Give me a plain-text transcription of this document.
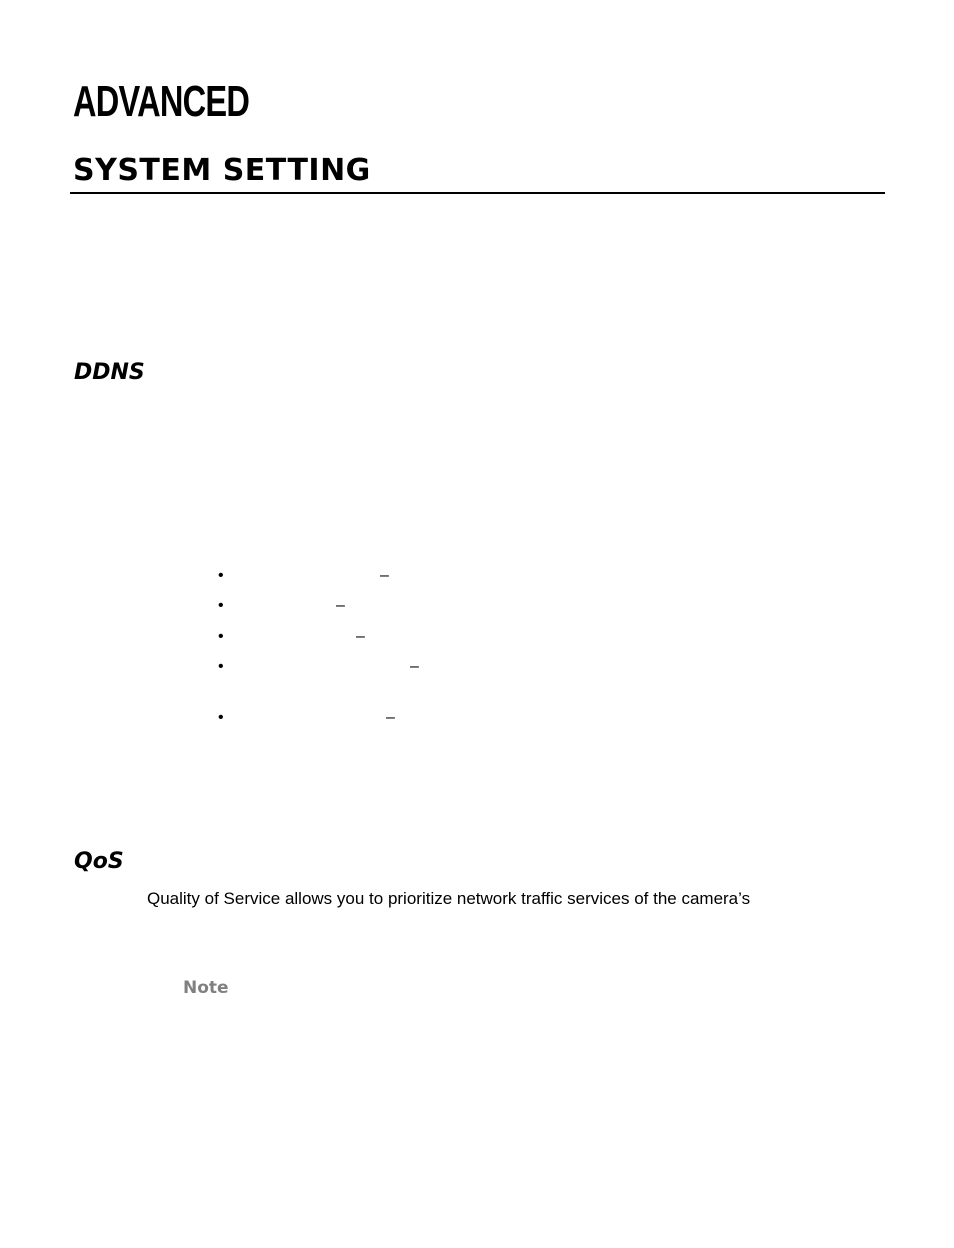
ADVANCED
SYSTEM SETTING
DDNS
•	–
•	–
•	–
•	–
•	–
QoS

Quality of Service allows you to prioritize network traffic services of the camera’s

Note
